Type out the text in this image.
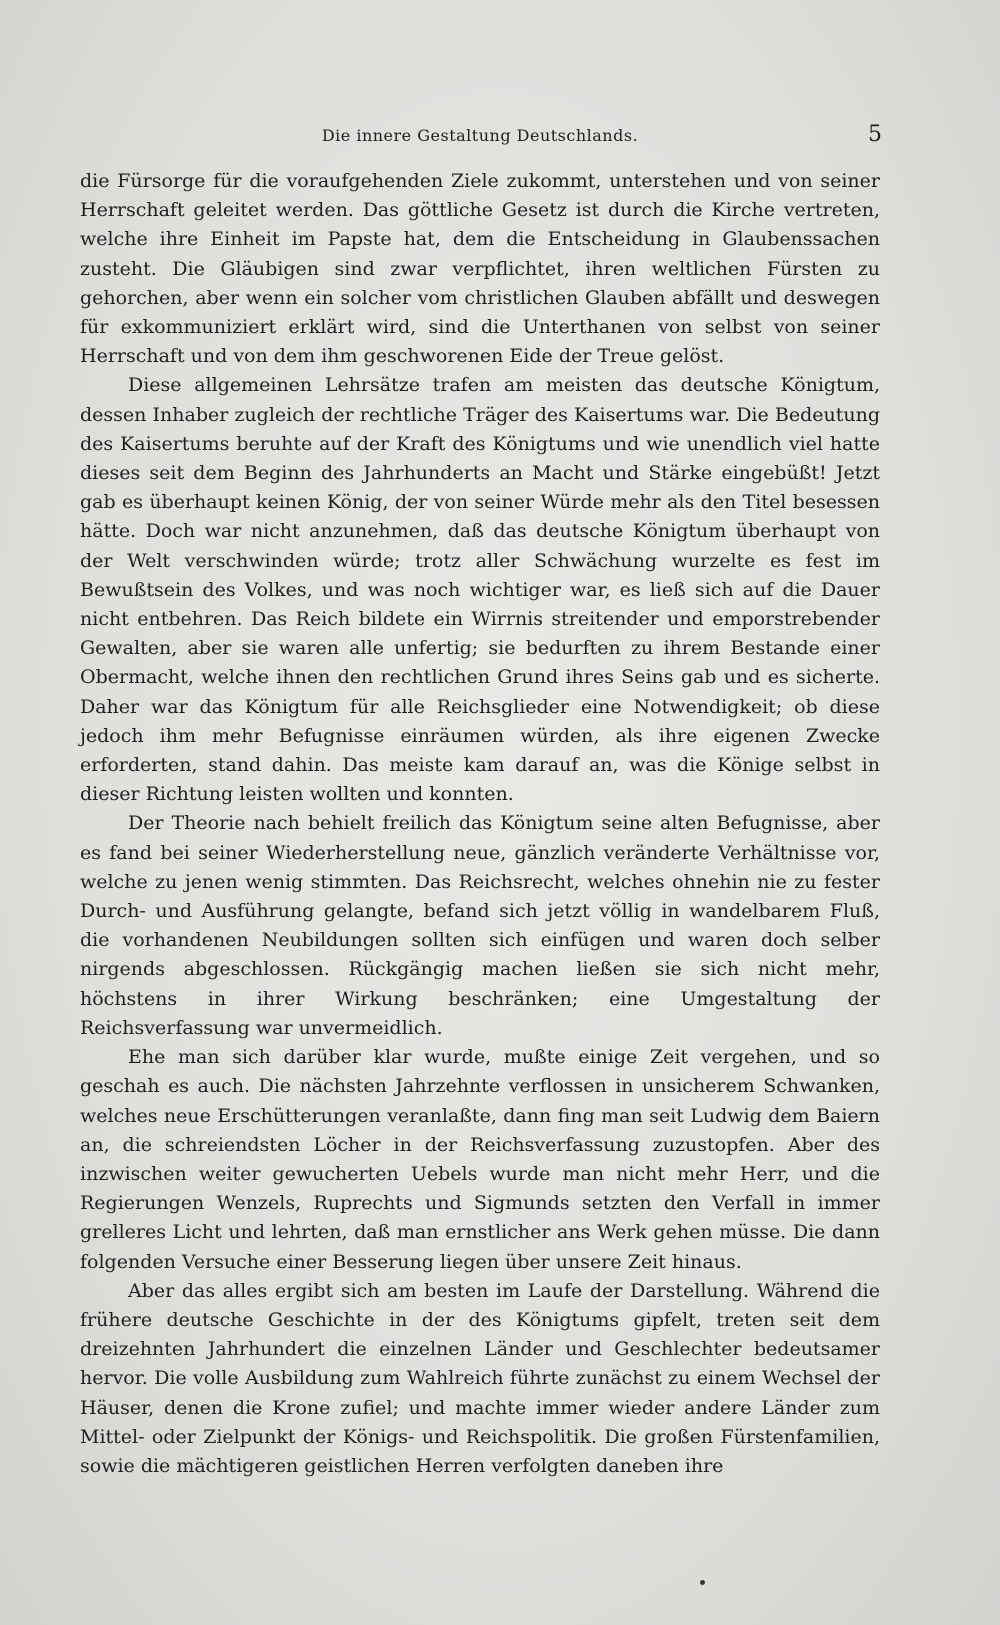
Die innere Gestaltung Deutschlands.	5

die Fürsorge für die voraufgehenden Ziele zukommt, unterstehen und von seiner Herrschaft geleitet werden. Das göttliche Gesetz ist durch die Kirche vertreten, welche ihre Einheit im Papste hat, dem die Entscheidung in Glaubenssachen zusteht. Die Gläubigen sind zwar verpflichtet, ihren weltlichen Fürsten zu gehorchen, aber wenn ein solcher vom christlichen Glauben abfällt und deswegen für exkommuniziert erklärt wird, sind die Unterthanen von selbst von seiner Herrschaft und von dem ihm geschworenen Eide der Treue gelöst.

Diese allgemeinen Lehrsätze trafen am meisten das deutsche Königtum, dessen Inhaber zugleich der rechtliche Träger des Kaisertums war. Die Bedeutung des Kaisertums beruhte auf der Kraft des Königtums und wie unendlich viel hatte dieses seit dem Beginn des Jahrhunderts an Macht und Stärke eingebüßt! Jetzt gab es überhaupt keinen König, der von seiner Würde mehr als den Titel besessen hätte. Doch war nicht anzunehmen, daß das deutsche Königtum überhaupt von der Welt verschwinden würde; trotz aller Schwächung wurzelte es fest im Bewußtsein des Volkes, und was noch wichtiger war, es ließ sich auf die Dauer nicht entbehren. Das Reich bildete ein Wirrnis streitender und emporstrebender Gewalten, aber sie waren alle unfertig; sie bedurften zu ihrem Bestande einer Obermacht, welche ihnen den rechtlichen Grund ihres Seins gab und es sicherte. Daher war das Königtum für alle Reichsglieder eine Notwendigkeit; ob diese jedoch ihm mehr Befugnisse einräumen würden, als ihre eigenen Zwecke erforderten, stand dahin. Das meiste kam darauf an, was die Könige selbst in dieser Richtung leisten wollten und konnten.

Der Theorie nach behielt freilich das Königtum seine alten Befugnisse, aber es fand bei seiner Wiederherstellung neue, gänzlich veränderte Verhältnisse vor, welche zu jenen wenig stimmten. Das Reichsrecht, welches ohnehin nie zu fester Durch- und Ausführung gelangte, befand sich jetzt völlig in wandelbarem Fluß, die vorhandenen Neubildungen sollten sich einfügen und waren doch selber nirgends abgeschlossen. Rückgängig machen ließen sie sich nicht mehr, höchstens in ihrer Wirkung beschränken; eine Umgestaltung der Reichsverfassung war unvermeidlich.

Ehe man sich darüber klar wurde, mußte einige Zeit vergehen, und so geschah es auch. Die nächsten Jahrzehnte verflossen in unsicherem Schwanken, welches neue Erschütterungen veranlaßte, dann fing man seit Ludwig dem Baiern an, die schreiendsten Löcher in der Reichsverfassung zuzustopfen. Aber des inzwischen weiter gewucherten Uebels wurde man nicht mehr Herr, und die Regierungen Wenzels, Ruprechts und Sigmunds setzten den Verfall in immer grelleres Licht und lehrten, daß man ernstlicher ans Werk gehen müsse. Die dann folgenden Versuche einer Besserung liegen über unsere Zeit hinaus.

Aber das alles ergibt sich am besten im Laufe der Darstellung. Während die frühere deutsche Geschichte in der des Königtums gipfelt, treten seit dem dreizehnten Jahrhundert die einzelnen Länder und Geschlechter bedeutsamer hervor. Die volle Ausbildung zum Wahlreich führte zunächst zu einem Wechsel der Häuser, denen die Krone zufiel; und machte immer wieder andere Länder zum Mittel- oder Zielpunkt der Königs- und Reichspolitik. Die großen Fürstenfamilien, sowie die mächtigeren geistlichen Herren verfolgten daneben ihre
